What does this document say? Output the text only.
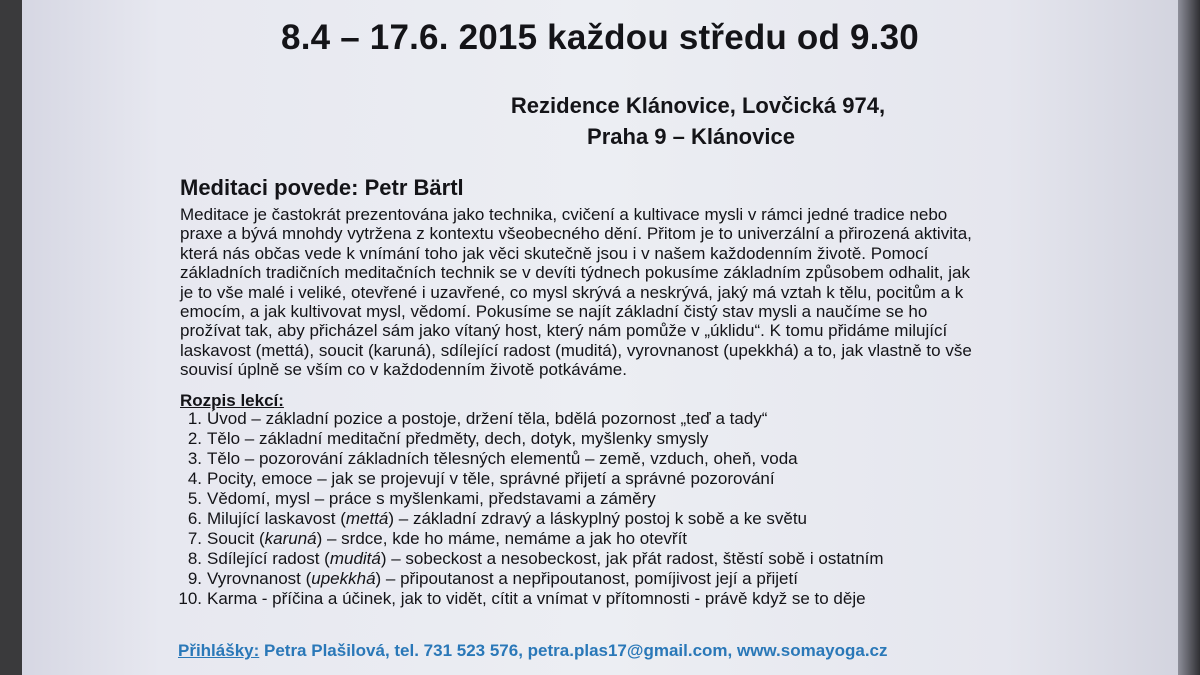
8.4 – 17.6. 2015 každou středu od 9.30
Rezidence Klánovice, Lovčická 974,
Praha 9 – Klánovice
Meditaci povede: Petr Bärtl
Meditace je častokrát prezentována jako technika, cvičení a kultivace mysli v rámci jedné tradice nebo
praxe a bývá mnohdy vytržena z kontextu všeobecného dění. Přitom je to univerzální a přirozená aktivita,
která nás občas vede k vnímání toho jak věci skutečně jsou i v našem každodenním životě. Pomocí
základních tradičních meditačních technik se v devíti týdnech pokusíme základním způsobem odhalit, jak
je to vše malé i veliké, otevřené i uzavřené, co mysl skrývá a neskrývá, jaký má vztah k tělu, pocitům a k
emocím, a jak kultivovat mysl, vědomí. Pokusíme se najít základní čistý stav mysli a naučíme se ho
prožívat tak, aby přicházel sám jako vítaný host, který nám pomůže v „úklidu“. K tomu přidáme milující
laskavost (mettá), soucit (karuná), sdílející radost (muditá), vyrovnanost (upekkhá) a to, jak vlastně to vše
souvisí úplně se vším co v každodenním životě potkáváme.
Rozpis lekcí:
1. Úvod – základní pozice a postoje, držení těla, bdělá pozornost „teď a tady“
2. Tělo – základní meditační předměty, dech, dotyk, myšlenky smysly
3. Tělo – pozorování základních tělesných elementů – země, vzduch, oheň, voda
4. Pocity, emoce – jak se projevují v těle, správné přijetí a správné pozorování
5. Vědomí, mysl – práce s myšlenkami, představami a záměry
6. Milující laskavost (mettá) – základní zdravý a láskyplný postoj k sobě a ke světu
7. Soucit (karuná) – srdce, kde ho máme, nemáme a jak ho otevřít
8. Sdílející radost (muditá) – sobeckost a nesobeckost, jak přát radost, štěstí sobě i ostatním
9. Vyrovnanost (upekkhá) – připoutanost a nepřipoutanost, pomíjivost její a přijetí
10. Karma - příčina a účinek, jak to vidět, cítit a vnímat v přítomnosti - právě když se to děje
Přihlášky: Petra Plašilová, tel. 731 523 576, petra.plas17@gmail.com, www.somayoga.cz
